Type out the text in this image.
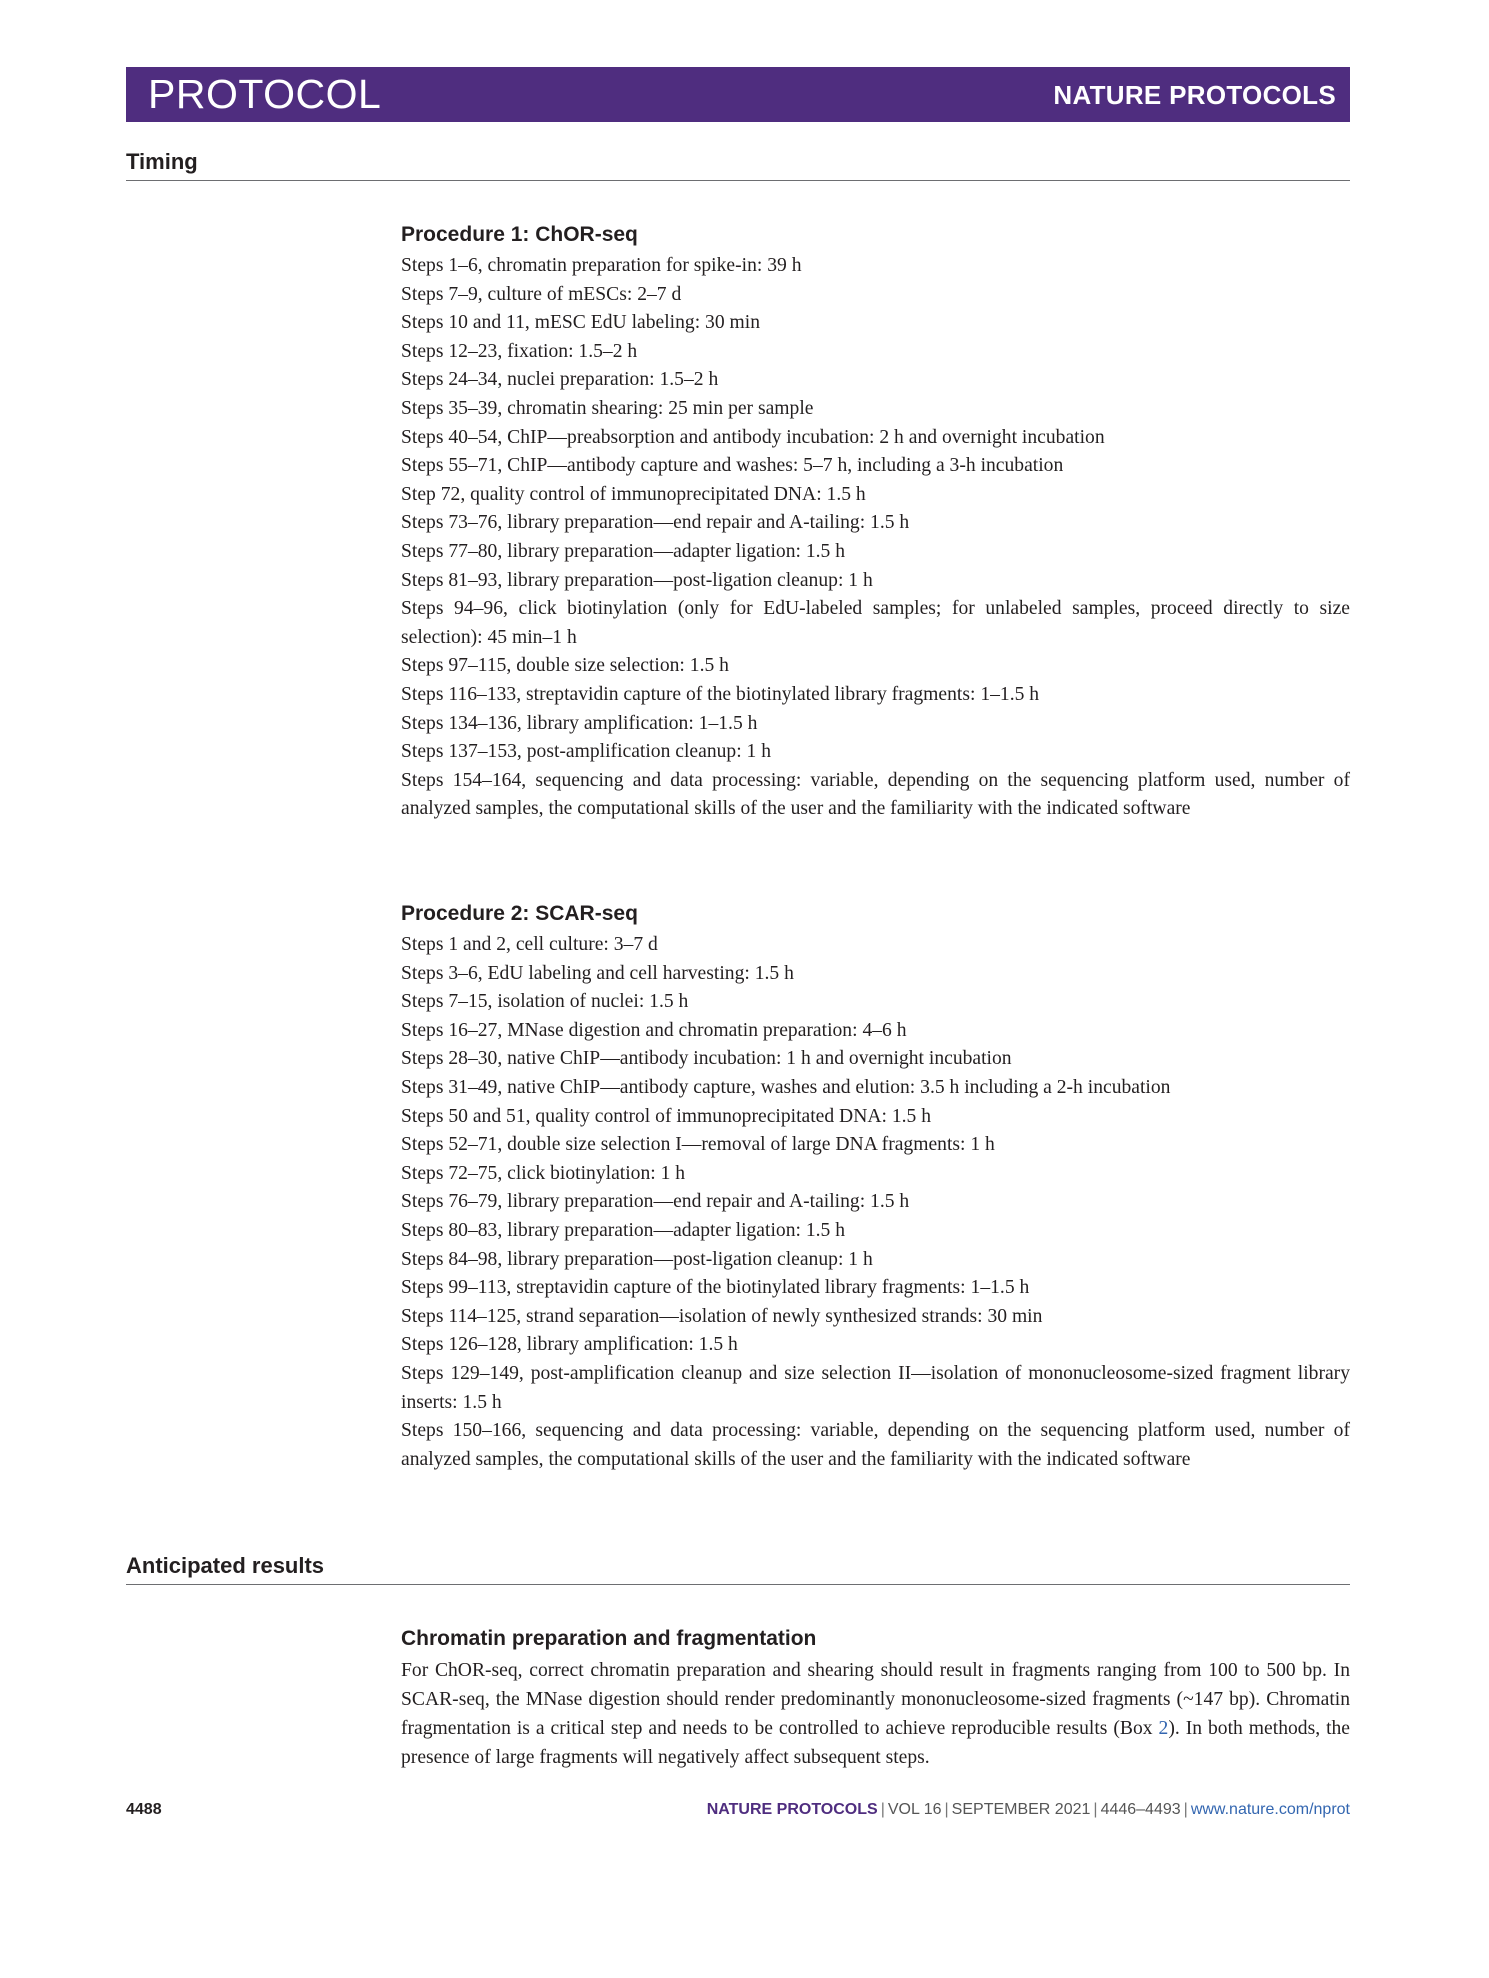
PROTOCOL	NATURE PROTOCOLS
Timing
Procedure 1: ChOR-seq
Steps 1–6, chromatin preparation for spike-in: 39 h
Steps 7–9, culture of mESCs: 2–7 d
Steps 10 and 11, mESC EdU labeling: 30 min
Steps 12–23, fixation: 1.5–2 h
Steps 24–34, nuclei preparation: 1.5–2 h
Steps 35–39, chromatin shearing: 25 min per sample
Steps 40–54, ChIP—preabsorption and antibody incubation: 2 h and overnight incubation
Steps 55–71, ChIP—antibody capture and washes: 5–7 h, including a 3-h incubation
Step 72, quality control of immunoprecipitated DNA: 1.5 h
Steps 73–76, library preparation—end repair and A-tailing: 1.5 h
Steps 77–80, library preparation—adapter ligation: 1.5 h
Steps 81–93, library preparation—post-ligation cleanup: 1 h
Steps 94–96, click biotinylation (only for EdU-labeled samples; for unlabeled samples, proceed directly to size selection): 45 min–1 h
Steps 97–115, double size selection: 1.5 h
Steps 116–133, streptavidin capture of the biotinylated library fragments: 1–1.5 h
Steps 134–136, library amplification: 1–1.5 h
Steps 137–153, post-amplification cleanup: 1 h
Steps 154–164, sequencing and data processing: variable, depending on the sequencing platform used, number of analyzed samples, the computational skills of the user and the familiarity with the indicated software
Procedure 2: SCAR-seq
Steps 1 and 2, cell culture: 3–7 d
Steps 3–6, EdU labeling and cell harvesting: 1.5 h
Steps 7–15, isolation of nuclei: 1.5 h
Steps 16–27, MNase digestion and chromatin preparation: 4–6 h
Steps 28–30, native ChIP—antibody incubation: 1 h and overnight incubation
Steps 31–49, native ChIP—antibody capture, washes and elution: 3.5 h including a 2-h incubation
Steps 50 and 51, quality control of immunoprecipitated DNA: 1.5 h
Steps 52–71, double size selection I—removal of large DNA fragments: 1 h
Steps 72–75, click biotinylation: 1 h
Steps 76–79, library preparation—end repair and A-tailing: 1.5 h
Steps 80–83, library preparation—adapter ligation: 1.5 h
Steps 84–98, library preparation—post-ligation cleanup: 1 h
Steps 99–113, streptavidin capture of the biotinylated library fragments: 1–1.5 h
Steps 114–125, strand separation—isolation of newly synthesized strands: 30 min
Steps 126–128, library amplification: 1.5 h
Steps 129–149, post-amplification cleanup and size selection II—isolation of mononucleosome-sized fragment library inserts: 1.5 h
Steps 150–166, sequencing and data processing: variable, depending on the sequencing platform used, number of analyzed samples, the computational skills of the user and the familiarity with the indicated software
Anticipated results
Chromatin preparation and fragmentation
For ChOR-seq, correct chromatin preparation and shearing should result in fragments ranging from 100 to 500 bp. In SCAR-seq, the MNase digestion should render predominantly mononucleosome-sized fragments (~147 bp). Chromatin fragmentation is a critical step and needs to be controlled to achieve reproducible results (Box 2). In both methods, the presence of large fragments will negatively affect subsequent steps.
4488	NATURE PROTOCOLS | VOL 16 | SEPTEMBER 2021 | 4446–4493 | www.nature.com/nprot
